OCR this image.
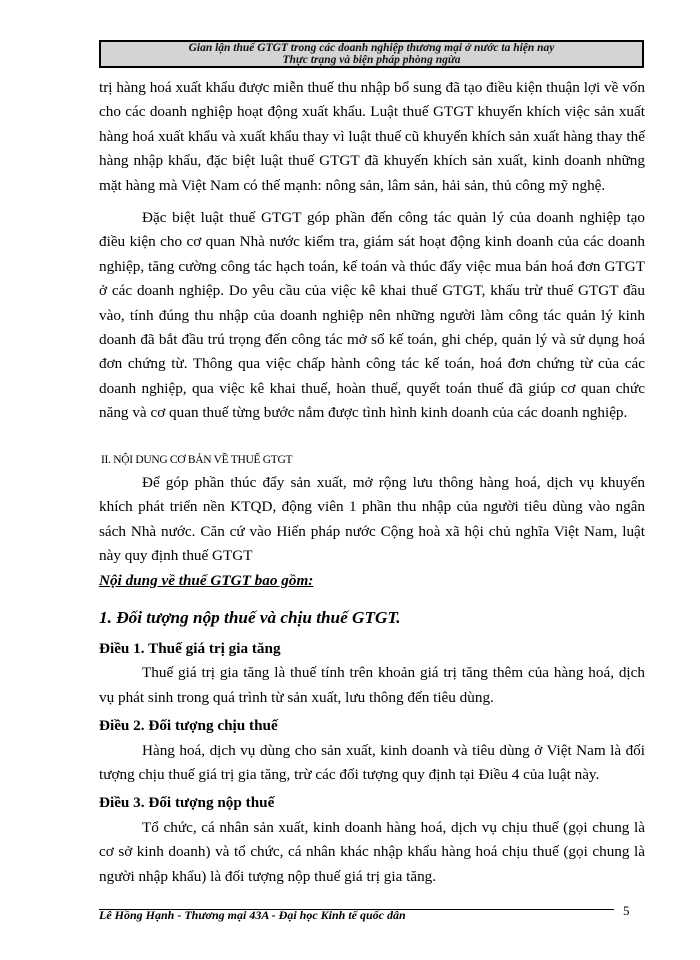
Gian lận thuế GTGT trong các doanh nghiệp thương mại ở nước ta hiện nay
Thực trạng và biện pháp phòng ngừa

trị hàng hoá xuất khẩu được miễn thuế thu nhập bổ sung đã tạo điều kiện thuận lợi về vốn cho các doanh nghiệp hoạt động xuất khẩu. Luật thuế GTGT khuyến khích việc sản xuất hàng hoá xuất khẩu và xuất khẩu thay vì luật thuế cũ khuyến khích sản xuất hàng thay thế hàng nhập khẩu, đặc biệt luật thuế GTGT đã khuyến khích sản xuất, kinh doanh những mặt hàng mà Việt Nam có thế mạnh: nông sản, lâm sản, hải sản, thủ công mỹ nghệ.

Đặc biệt luật thuế GTGT góp phần đến công tác quản lý của doanh nghiệp tạo điều kiện cho cơ quan Nhà nước kiểm tra, giám sát hoạt động kinh doanh của các doanh nghiệp, tăng cường công tác hạch toán, kế toán và thúc đẩy việc mua bán hoá đơn GTGT ở các doanh nghiệp. Do yêu cầu của việc kê khai thuế GTGT, khấu trừ thuế GTGT đầu vào, tính đúng thu nhập của doanh nghiệp nên những người làm công tác quản lý kinh doanh đã bắt đầu trú trọng đến công tác mở sổ kế toán, ghi chép, quản lý và sử dụng hoá đơn chứng từ. Thông qua việc chấp hành công tác kế toán, hoá đơn chứng từ của các doanh nghiệp, qua việc kê khai thuế, hoàn thuế, quyết toán thuế đã giúp cơ quan chức năng và cơ quan thuế từng bước nắm được tình hình kinh doanh của các doanh nghiệp.

II. NỘI DUNG CƠ BẢN VỀ THUẾ GTGT

Để góp phần thúc đẩy sản xuất, mở rộng lưu thông hàng hoá, dịch vụ khuyến khích phát triển nền KTQD, động viên 1 phần thu nhập của người tiêu dùng vào ngân sách Nhà nước. Căn cứ vào Hiến pháp nước Cộng hoà xã hội chủ nghĩa Việt Nam, luật này quy định thuế GTGT

Nội dung về thuế GTGT bao gồm:

1. Đối tượng nộp thuế và chịu thuế GTGT.

Điều 1. Thuế giá trị gia tăng

Thuế giá trị gia tăng là thuế tính trên khoản giá trị tăng thêm của hàng hoá, dịch vụ phát sinh trong quá trình từ sản xuất, lưu thông đến tiêu dùng.

Điều 2. Đối tượng chịu thuế

Hàng hoá, dịch vụ dùng cho sản xuất, kinh doanh và tiêu dùng ở Việt Nam là đối tượng chịu thuế giá trị gia tăng, trừ các đối tượng quy định tại Điều 4 của luật này.

Điều 3. Đối tượng nộp thuế

Tổ chức, cá nhân sản xuất, kinh doanh hàng hoá, dịch vụ chịu thuế (gọi chung là cơ sở kinh doanh) và tổ chức, cá nhân khác nhập khẩu hàng hoá chịu thuế (gọi chung là người nhập khẩu) là đối tượng nộp thuế giá trị gia tăng.

Lê Hồng Hạnh - Thương mại 43A - Đại học Kinh tế quốc dân	5
